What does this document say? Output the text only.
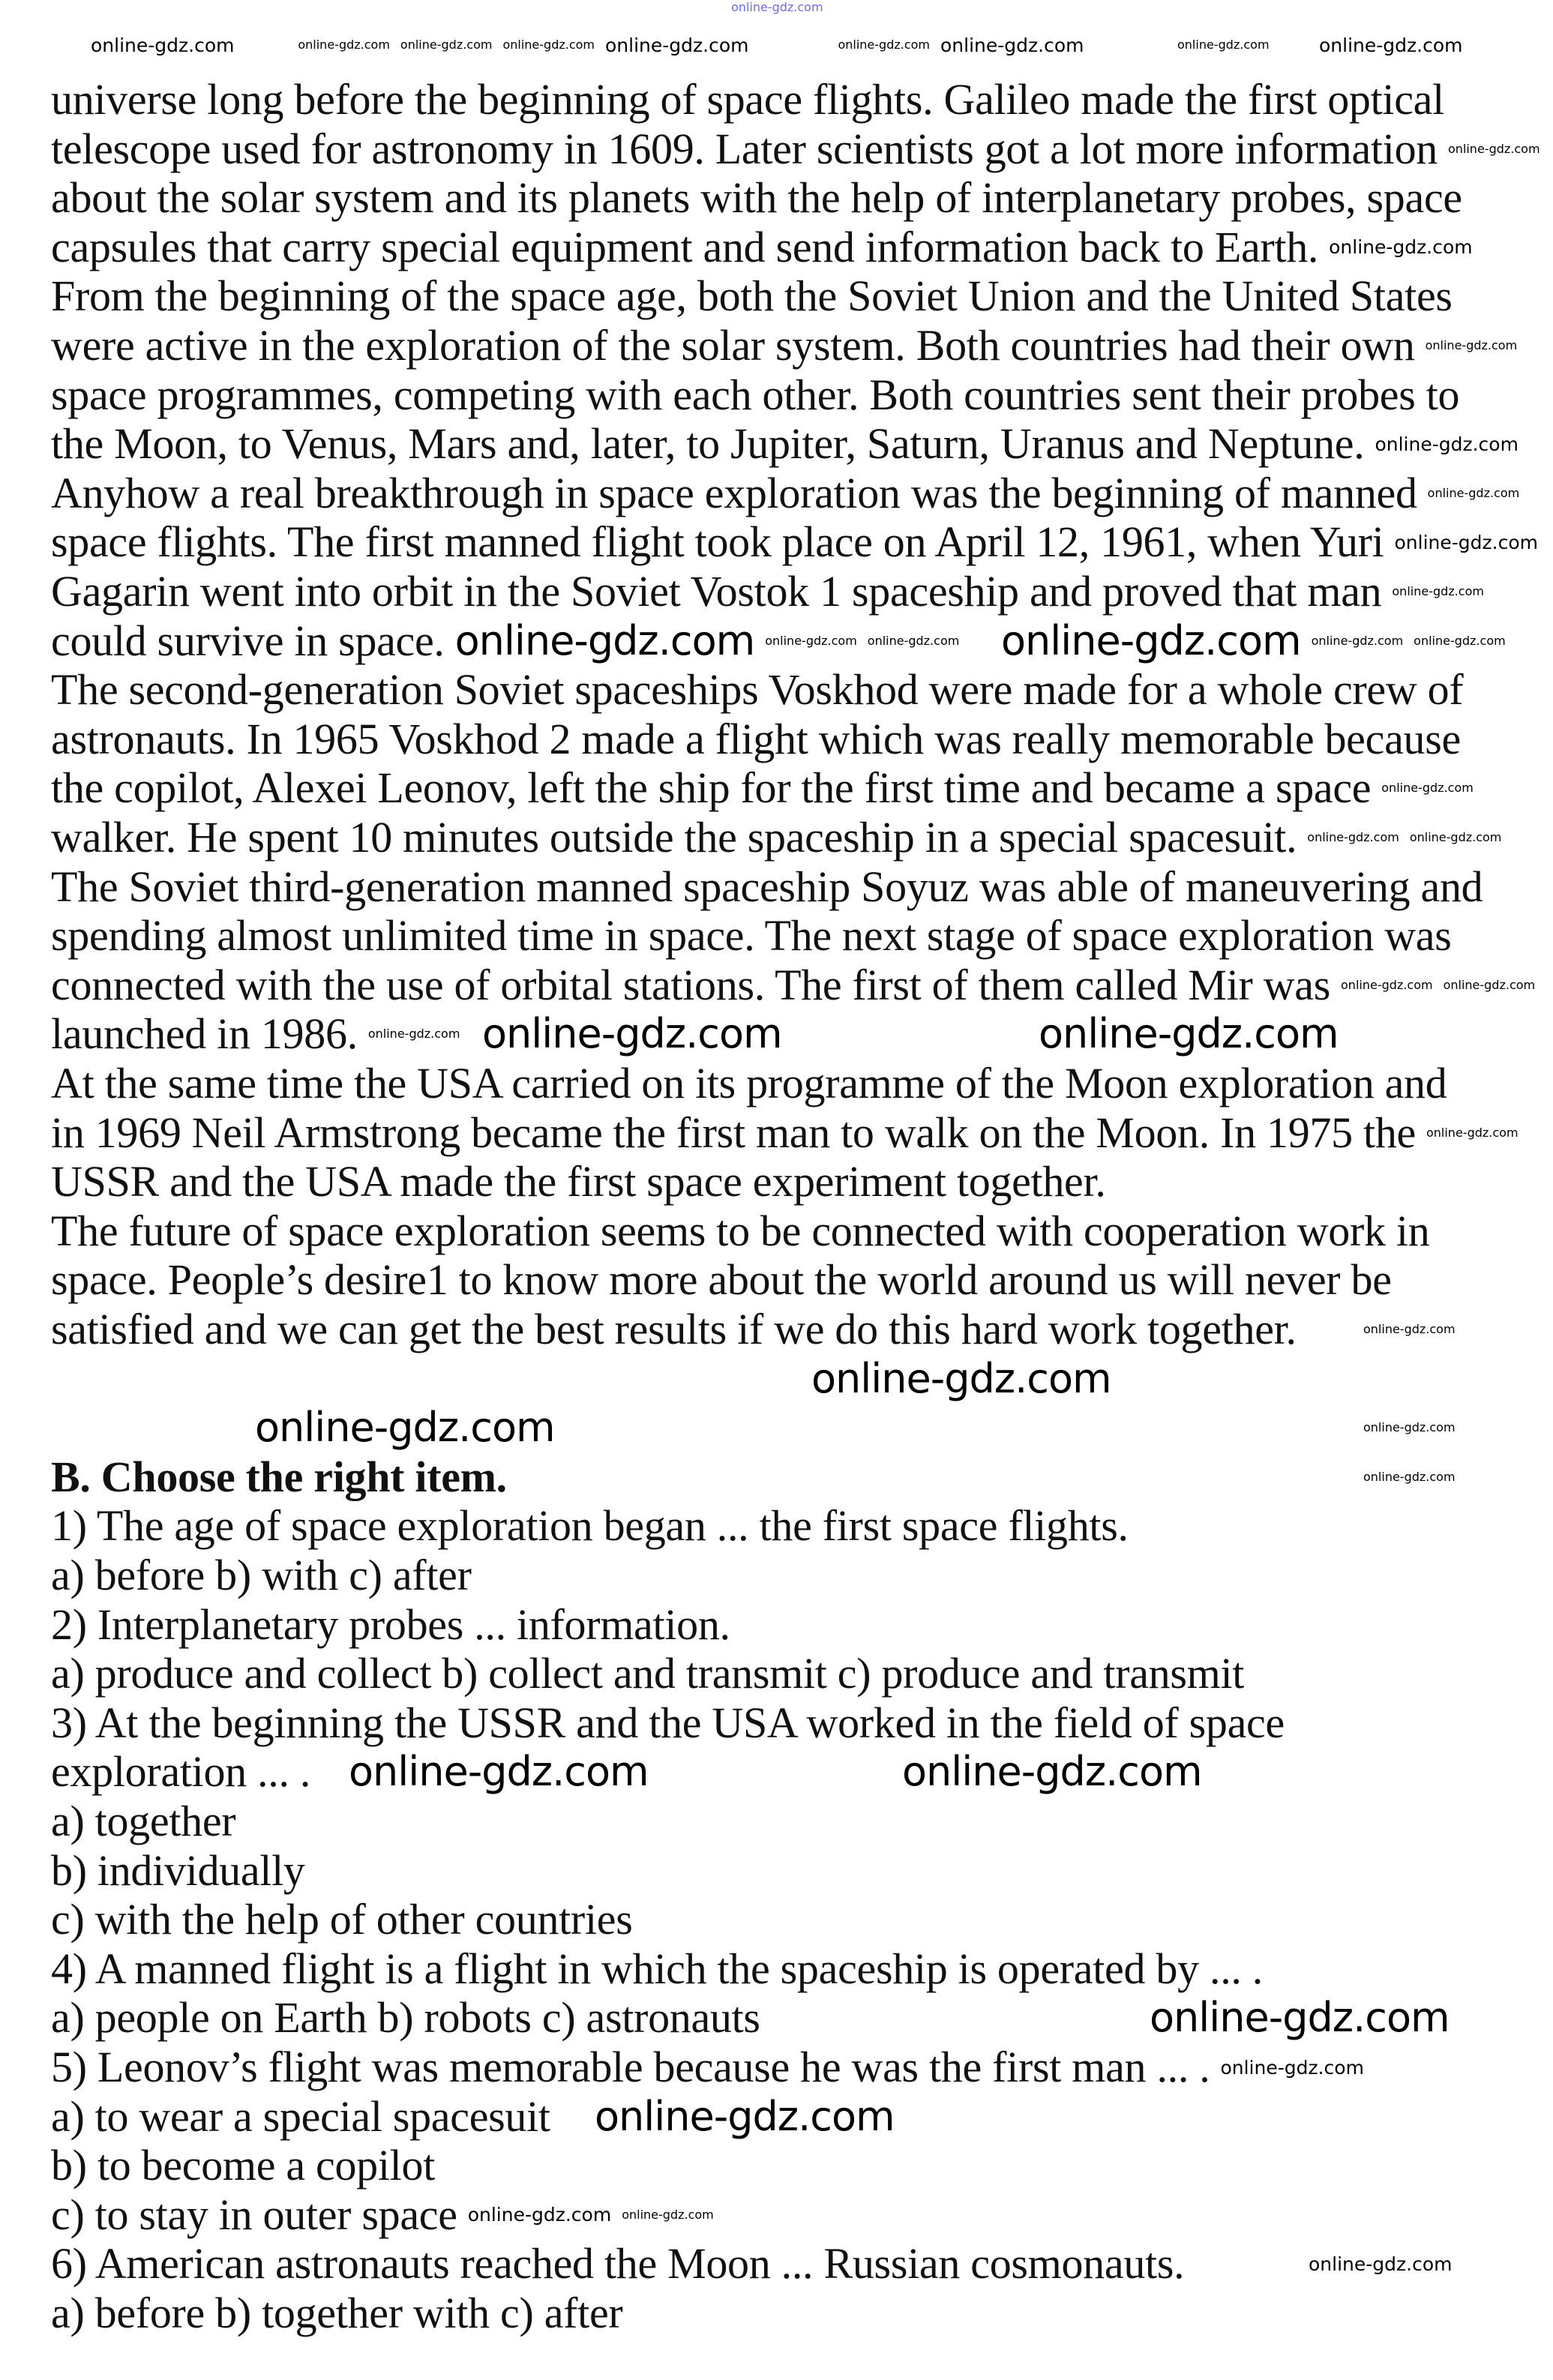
universe long before the beginning of space flights. Galileo made the first optical
telescope used for astronomy in 1609. Later scientists got a lot more information
about the solar system and its planets with the help of interplanetary probes, space
capsules that carry special equipment and send information back to Earth.
From the beginning of the space age, both the Soviet Union and the United States
were active in the exploration of the solar system. Both countries had their own
space programmes, competing with each other. Both countries sent their probes to
the Moon, to Venus, Mars and, later, to Jupiter, Saturn, Uranus and Neptune.
Anyhow a real breakthrough in space exploration was the beginning of manned
space flights. The first manned flight took place on April 12, 1961, when Yuri
Gagarin went into orbit in the Soviet Vostok 1 spaceship and proved that man
could survive in space.
The second-generation Soviet spaceships Voskhod were made for a whole crew of
astronauts. In 1965 Voskhod 2 made a flight which was really memorable because
the copilot, Alexei Leonov, left the ship for the first time and became a space
walker. He spent 10 minutes outside the spaceship in a special spacesuit.
The Soviet third-generation manned spaceship Soyuz was able of maneuvering and
spending almost unlimited time in space. The next stage of space exploration was
connected with the use of orbital stations. The first of them called Mir was
launched in 1986.
At the same time the USA carried on its programme of the Moon exploration and
in 1969 Neil Armstrong became the first man to walk on the Moon. In 1975 the
USSR and the USA made the first space experiment together.
The future of space exploration seems to be connected with cooperation work in
space. People’s desire1 to know more about the world around us will never be
satisfied and we can get the best results if we do this hard work together.
B. Choose the right item.
1) The age of space exploration began ... the first space flights.
a) before b) with c) after
2) Interplanetary probes ... information.
a) produce and collect b) collect and transmit c) produce and transmit
3) At the beginning the USSR and the USA worked in the field of space
exploration ... .
a) together
b) individually
c) with the help of other countries
4) A manned flight is a flight in which the spaceship is operated by ... .
a) people on Earth b) robots c) astronauts
5) Leonov’s flight was memorable because he was the first man ... .
a) to wear a special spacesuit
b) to become a copilot
c) to stay in outer space
6) American astronauts reached the Moon ... Russian cosmonauts.
a) before b) together with c) after
online-gdz.com
online-gdz.com	online-gdz.com
online-gdz.com	online-gdz.com
online-gdz.com
online-gdz.com
online-gdz.com	online-gdz.com
online-gdz.com
online-gdz.com
online-gdz.com	online-gdz.com
online-gdz.com
online-gdz.com	online-gdz.com
online-gdz.com
online-gdz.com
online-gdz.com
online-gdz.com
online-gdz.com
online-gdz.com
online-gdz.com
online-gdz.com
online-gdz.com
online-gdz.com
online-gdz.com
online-gdz.com
online-gdz.com
online-gdz.com
online-gdz.com online-gdz.com	online-gdz.com online-gdz.com
online-gdz.com
online-gdz.com online-gdz.com
online-gdz.com online-gdz.com
online-gdz.com
online-gdz.com
online-gdz.com
online-gdz.com
online-gdz.com
online-gdz.com
